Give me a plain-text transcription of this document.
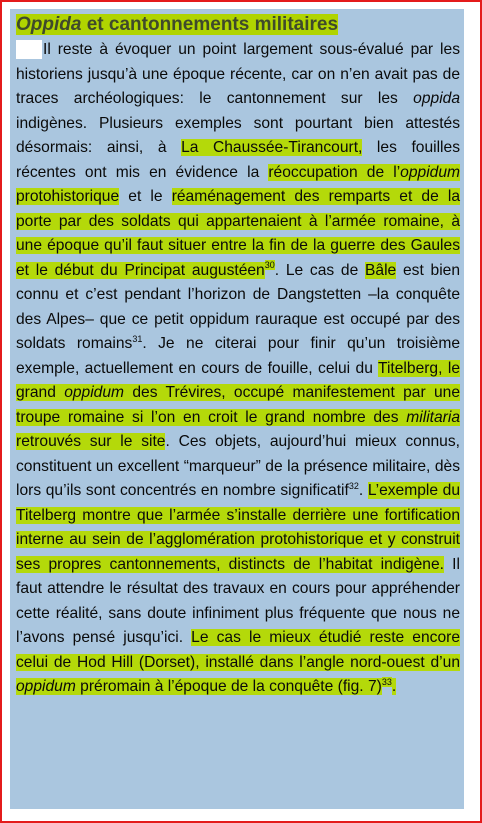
Oppida et cantonnements militaires

Il reste à évoquer un point largement sous-évalué par les historiens jusqu’à une époque récente, car on n’en avait pas de traces archéologiques: le cantonnement sur les oppida indigènes. Plusieurs exemples sont pourtant bien attestés désormais: ainsi, à La Chaussée-Tirancourt, les fouilles récentes ont mis en évidence la réoccupation de l’oppidum protohistorique et le réaménagement des remparts et de la porte par des soldats qui appartenaient à l’armée romaine, à une époque qu’il faut situer entre la fin de la guerre des Gaules et le début du Principat augustéen$^{30}$. Le cas de Bâle est bien connu et c’est pendant l’horizon de Dangstetten –la conquête des Alpes– que ce petit oppidum rauraque est occupé par des soldats romains$^{31}$. Je ne citerai pour finir qu’un troisième exemple, actuellement en cours de fouille, celui du Titelberg, le grand oppidum des Trévires, occupé manifestement par une troupe romaine si l’on en croit le grand nombre des militaria retrouvés sur le site. Ces objets, aujourd’hui mieux connus, constituent un excellent “marqueur” de la présence militaire, dès lors qu’ils sont concentrés en nombre significatif$^{32}$. L’exemple du Titelberg montre que l’armée s’installe derrière une fortification interne au sein de l’agglomération protohistorique et y construit ses propres cantonnements, distincts de l’habitat indigène. Il faut attendre le résultat des travaux en cours pour appréhender cette réalité, sans doute infiniment plus fréquente que nous ne l’avons pensé jusqu’ici. Le cas le mieux étudié reste encore celui de Hod Hill (Dorset), installé dans l’angle nord-ouest d’un oppidum préromain à l’époque de la conquête (fig. 7)$^{33}$.
